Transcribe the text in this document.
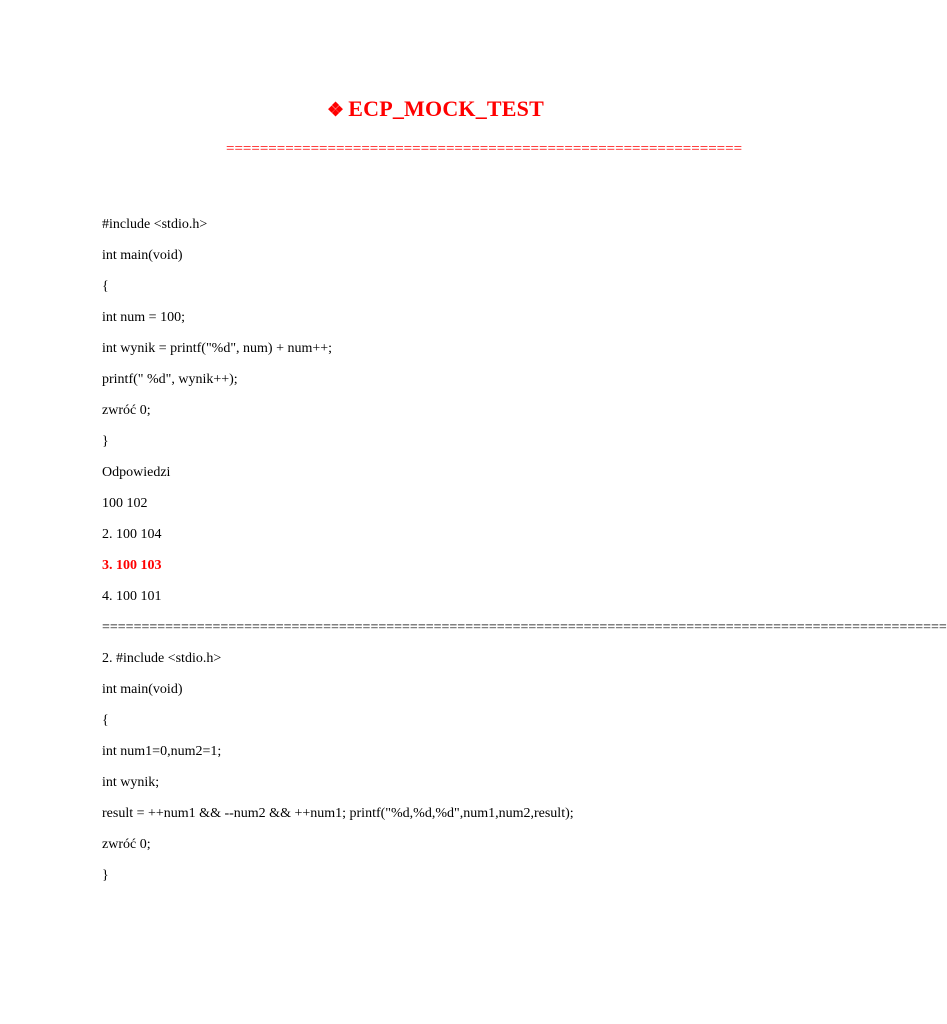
❖ ECP_MOCK_TEST
=============================================================
#include <stdio.h>
int main(void)
{
int num = 100;
int wynik = printf("%d", num) + num++;
printf(" %d", wynik++);
zwróć 0;
}
Odpowiedzi
100 102
2. 100 104
3. 100 103
4. 100 101
===========================================================================================================
2. #include <stdio.h>
int main(void)
{
int num1=0,num2=1;
int wynik;
result = ++num1 && --num2 && ++num1; printf("%d,%d,%d",num1,num2,result);
zwróć 0;
}
